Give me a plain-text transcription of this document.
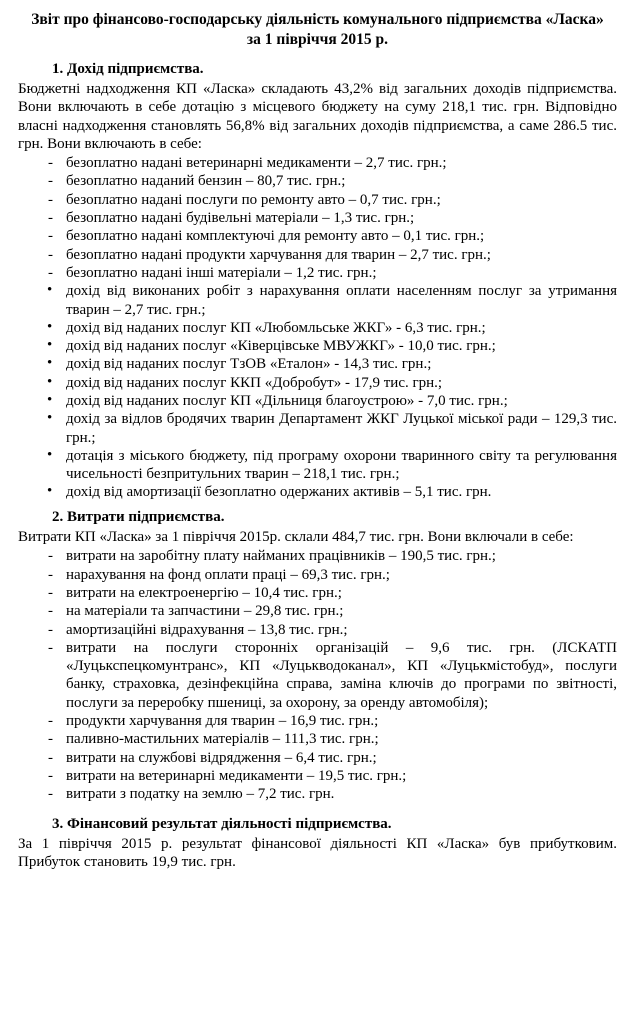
Звіт про фінансово-господарську діяльність комунального підприємства «Ласка» за 1 півріччя 2015 р.
1. Дохід підприємства.

Бюджетні надходження КП «Ласка» складають 43,2% від загальних доходів підприємства. Вони включають в себе дотацію з місцевого бюджету на суму 218,1 тис. грн. Відповідно власні надходження становлять 56,8% від загальних доходів підприємства, а саме 286.5 тис. грн. Вони включають в себе:

- безоплатно надані ветеринарні медикаменти – 2,7 тис. грн.;
- безоплатно наданий бензин – 80,7 тис. грн.;
- безоплатно надані послуги по ремонту авто – 0,7 тис. грн.;
- безоплатно надані будівельні матеріали – 1,3 тис. грн.;
- безоплатно надані комплектуючі для ремонту авто – 0,1 тис. грн.;
- безоплатно надані продукти харчування для тварин – 2,7 тис. грн.;
- безоплатно надані інші матеріали – 1,2 тис. грн.;
• дохід від виконаних робіт з нарахування оплати населенням послуг за утримання тварин – 2,7 тис. грн.;
• дохід від наданих послуг КП «Любомльське ЖКГ» - 6,3 тис. грн.;
• дохід від наданих послуг «Ківерцівське МВУЖКГ» - 10,0 тис. грн.;
• дохід від наданих послуг ТзОВ «Еталон» - 14,3 тис. грн.;
• дохід від наданих послуг ККП «Добробут» - 17,9 тис. грн.;
• дохід від наданих послуг КП «Дільниця благоустрою» - 7,0 тис. грн.;
• дохід за відлов бродячих тварин Департамент ЖКГ Луцької міської ради – 129,3 тис. грн.;
• дотація з міського бюджету, під програму охорони тваринного світу та регулювання чисельності безпритульних тварин – 218,1 тис. грн.;
• дохід від амортизації безоплатно одержаних активів – 5,1 тис. грн.
2. Витрати підприємства.

Витрати КП «Ласка» за 1 півріччя 2015р. склали 484,7 тис. грн. Вони включали в себе:

- витрати на заробітну плату найманих працівників – 190,5 тис. грн.;
- нарахування на фонд оплати праці – 69,3 тис. грн.;
- витрати на електроенергію – 10,4 тис. грн.;
- на матеріали та запчастини – 29,8 тис. грн.;
- амортизаційні відрахування – 13,8 тис. грн.;
- витрати на послуги сторонніх організацій – 9,6 тис. грн. (ЛСКАТП «Луцькспецкомунтранс», КП «Луцькводоканал», КП «Луцькмістобуд», послуги банку, страховка, дезінфекційна справа, заміна ключів до програми по звітності, послуги за переробку пшениці, за охорону, за оренду автомобіля);
- продукти харчування для тварин – 16,9 тис. грн.;
- паливно-мастильних матеріалів – 111,3 тис. грн.;
- витрати на службові відрядження – 6,4 тис. грн.;
- витрати на ветеринарні медикаменти – 19,5 тис. грн.;
- витрати з податку на землю – 7,2 тис. грн.
3. Фінансовий результат діяльності підприємства.

За 1 півріччя 2015 р. результат фінансової діяльності КП «Ласка» був прибутковим. Прибуток становить 19,9 тис. грн.
